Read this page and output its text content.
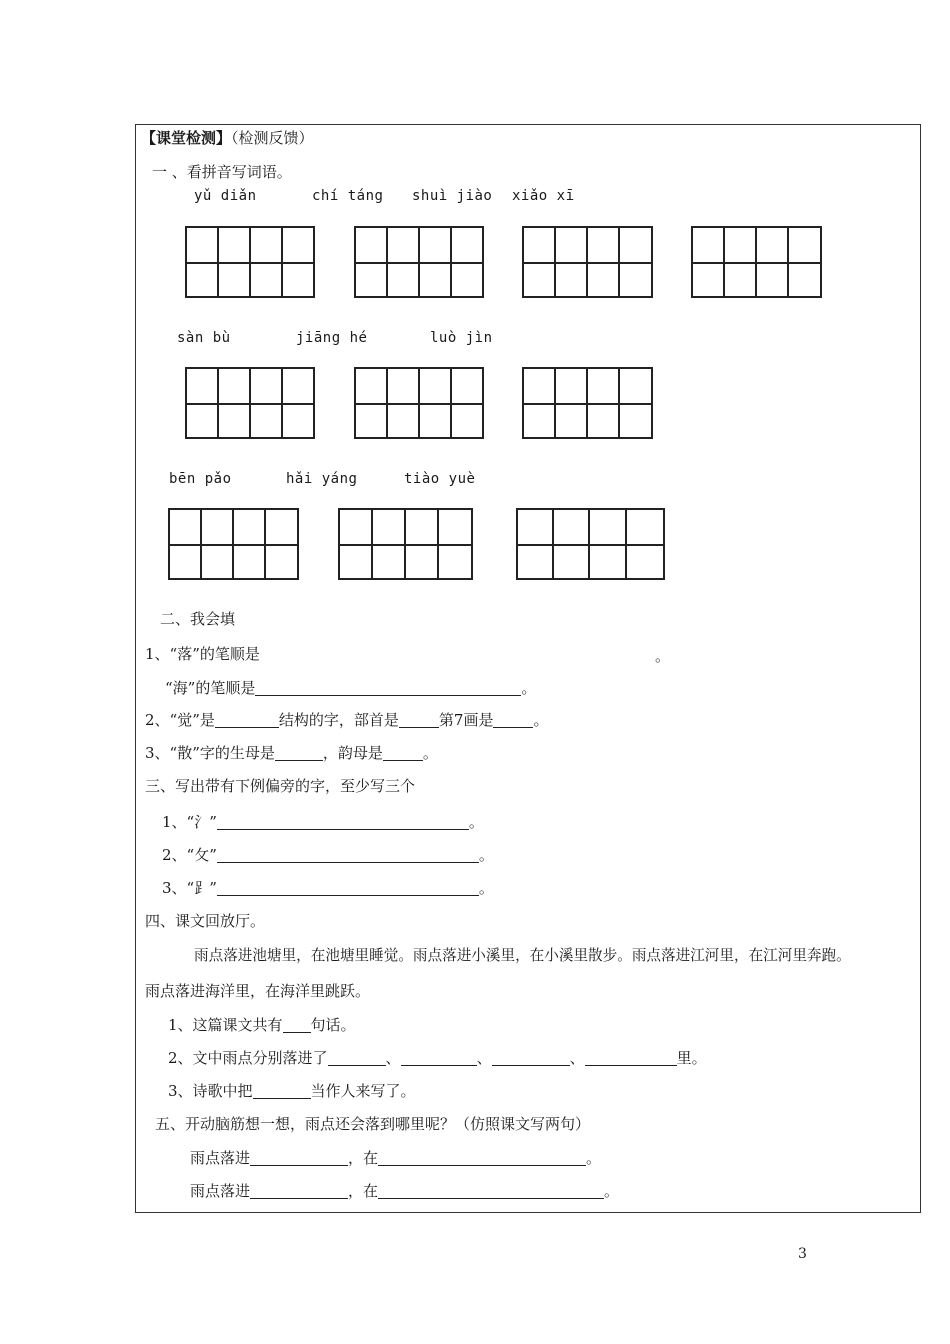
【课堂检测】（检测反馈）
一 、看拼音写词语。
yǔ diǎn	chí táng shuì jiào xiǎo xī
sàn bù	jiāng hé	luò jìn
bēn pǎo	hǎi yáng	tiào yuè
二、我会填
1、“落”的笔顺是	。
“海”的笔顺是	。
2、“觉”是	结构的字，部首是	第7画是	。
3、“散”字的生母是	，韵母是	。
三、写出带有下例偏旁的字，至少写三个
1、“氵”	。
2、“攵”	。
3、“⻊”	。
四、课文回放厅。
雨点落进池塘里，在池塘里睡觉。雨点落进小溪里，在小溪里散步。雨点落进江河里，在江河里奔跑。
雨点落进海洋里，在海洋里跳跃。
1、这篇课文共有 句话。
2、文中雨点分别落进了	、	、	、	里。
3、诗歌中把	当作人来写了。
五、开动脑筋想一想，雨点还会落到哪里呢？（仿照课文写两句）
雨点落进	，在	。
雨点落进	，在	。
3
